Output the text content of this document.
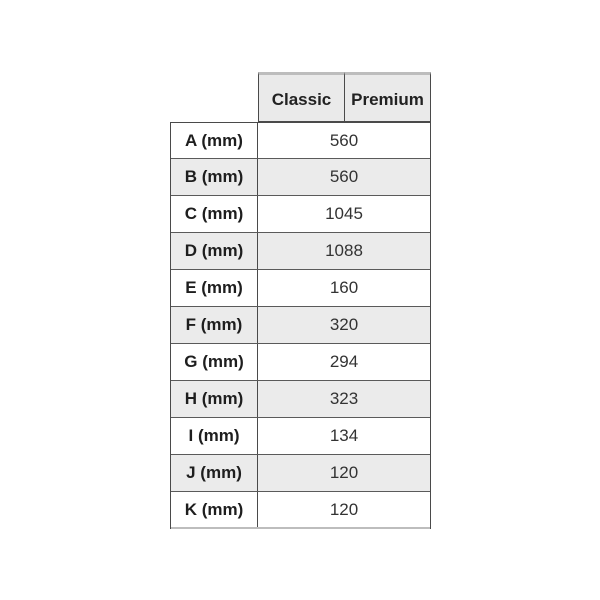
Classic	Premium
A (mm)	560
B (mm)	560
C (mm)	1045
D (mm)	1088
E (mm)	160
F (mm)	320
G (mm)	294
H (mm)	323
I (mm)	134
J (mm)	120
K (mm)	120
